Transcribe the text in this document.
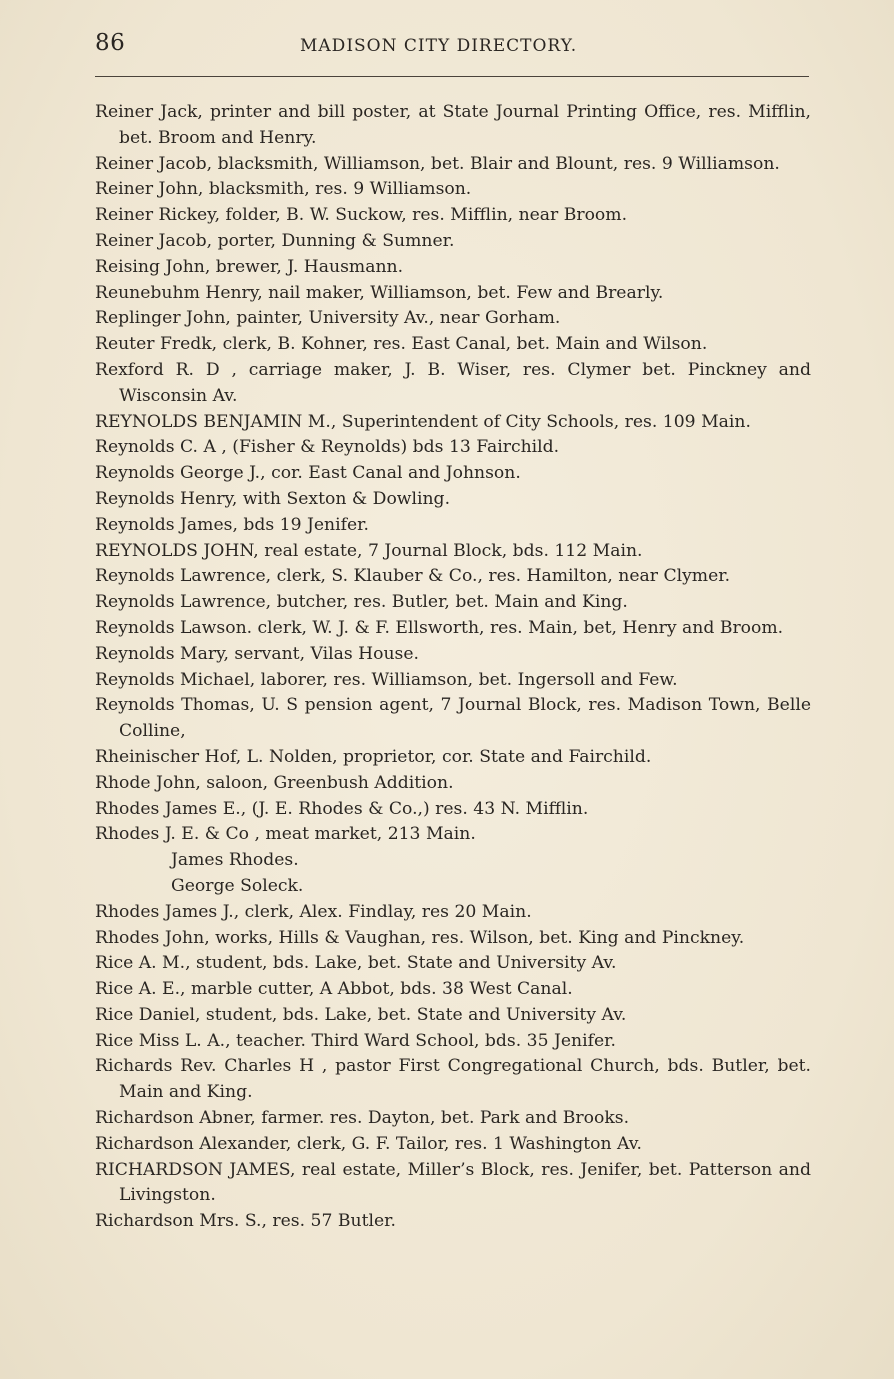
86	MADISON CITY DIRECTORY.
Reiner Jack, printer and bill poster, at State Journal Printing Office, res. Mifflin, bet. Broom and Henry.
Reiner Jacob, blacksmith, Williamson, bet. Blair and Blount, res. 9 Williamson.
Reiner John, blacksmith, res. 9 Williamson.
Reiner Rickey, folder, B. W. Suckow, res. Mifflin, near Broom.
Reiner Jacob, porter, Dunning & Sumner.
Reising John, brewer, J. Hausmann.
Reunebuhm Henry, nail maker, Williamson, bet. Few and Brearly.
Replinger John, painter, University Av., near Gorham.
Reuter Fredk, clerk, B. Kohner, res. East Canal, bet. Main and Wilson.
Rexford R. D , carriage maker, J. B. Wiser, res. Clymer bet. Pinckney and Wisconsin Av.
REYNOLDS BENJAMIN M., Superintendent of City Schools, res. 109 Main.
Reynolds C. A , (Fisher & Reynolds) bds 13 Fairchild.
Reynolds George J., cor. East Canal and Johnson.
Reynolds Henry, with Sexton & Dowling.
Reynolds James, bds 19 Jenifer.
REYNOLDS JOHN, real estate, 7 Journal Block, bds. 112 Main.
Reynolds Lawrence, clerk, S. Klauber & Co., res. Hamilton, near Clymer.
Reynolds Lawrence, butcher, res. Butler, bet. Main and King.
Reynolds Lawson. clerk, W. J. & F. Ellsworth, res. Main, bet, Henry and Broom.
Reynolds Mary, servant, Vilas House.
Reynolds Michael, laborer, res. Williamson, bet. Ingersoll and Few.
Reynolds Thomas, U. S pension agent, 7 Journal Block, res. Madison Town, Belle Colline,
Rheinischer Hof, L. Nolden, proprietor, cor. State and Fairchild.
Rhode John, saloon, Greenbush Addition.
Rhodes James E., (J. E. Rhodes & Co.,) res. 43 N. Mifflin.
Rhodes J. E. & Co , meat market, 213 Main.
James Rhodes.
George Soleck.
Rhodes James J., clerk, Alex. Findlay, res 20 Main.
Rhodes John, works, Hills & Vaughan, res. Wilson, bet. King and Pinckney.
Rice A. M., student, bds. Lake, bet. State and University Av.
Rice A. E., marble cutter, A Abbot, bds. 38 West Canal.
Rice Daniel, student, bds. Lake, bet. State and University Av.
Rice Miss L. A., teacher. Third Ward School, bds. 35 Jenifer.
Richards Rev. Charles H , pastor First Congregational Church, bds. Butler, bet. Main and King.
Richardson Abner, farmer. res. Dayton, bet. Park and Brooks.
Richardson Alexander, clerk, G. F. Tailor, res. 1 Washington Av.
RICHARDSON JAMES, real estate, Miller’s Block, res. Jenifer, bet. Patterson and Livingston.
Richardson Mrs. S., res. 57 Butler.
